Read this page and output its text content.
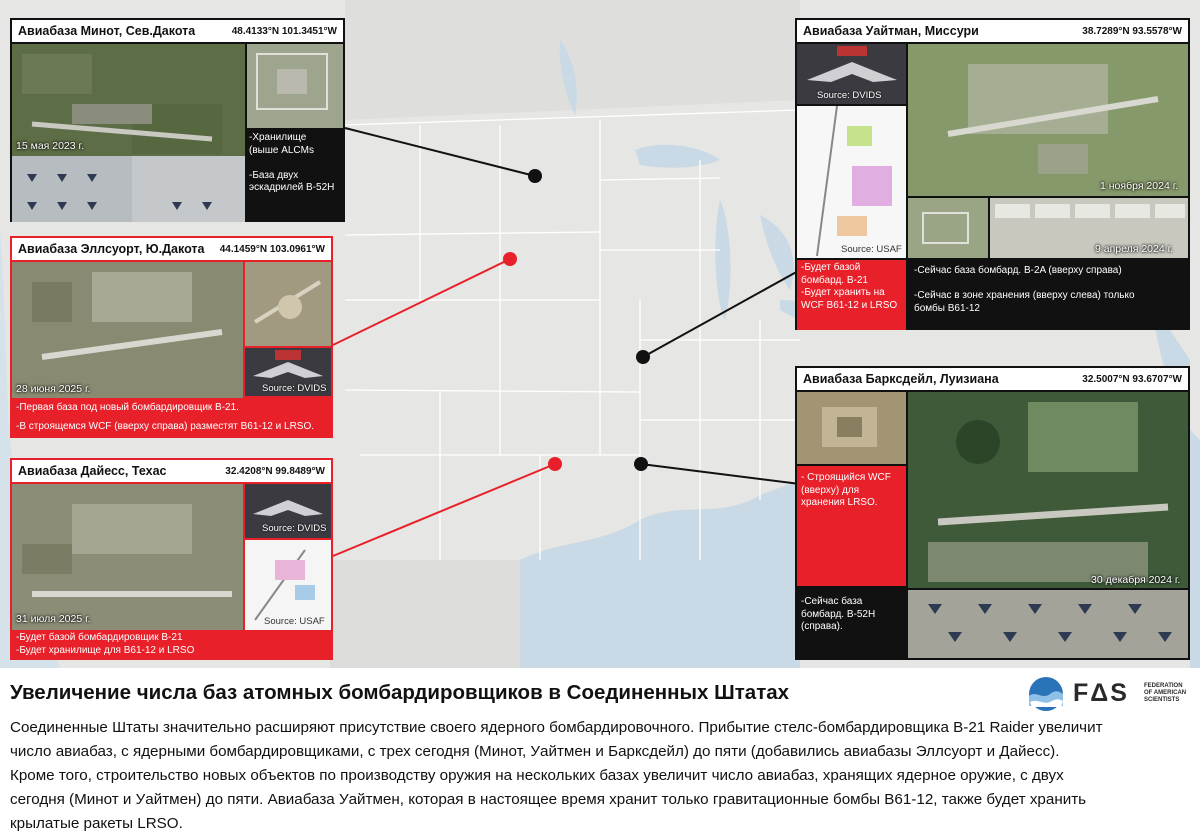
Авиабаза Минот, Сев.Дакота	48.4133°N 101.3451°W
15 мая 2023 г.
-Хранилище
(выше ALCMs

-База двух
эскадрилей B-52H
Авиабаза Эллсуорт, Ю.Дакота 44.1459°N 103.0961°W
28 июня 2025 г.	Source: DVIDS
-Первая база под новый бомбардировщик B-21.
-В строящемся WCF (вверху справа) разместят B61-12 и LRSO.
Авиабаза Дайесс, Техас	32.4208°N 99.8489°W
31 июля 2025 г.
Source: DVIDS
Source: USAF
-Будет базой бомбардировщик B-21
-Будет хранилище для B61-12 и LRSO
Авиабаза Уайтман, Миссури	38.7289°N 93.5578°W
Source: DVIDS
Source: USAF
1 ноября 2024 г.
9 апреля 2024 г.
-Будет базой
бомбард. B-21
-Будет хранить на
WCF B61-12 и LRSO
-Сейчас база бомбард. B-2A (вверху справа)

-Сейчас в зоне хранения (вверху слева) только
бомбы B61-12
Авиабаза Баркcдейл, Луизиана	32.5007°N 93.6707°W
- Строящийся WCF
(вверху) для
хранения LRSO.
30 декабря 2024 г.
-Сейчас база
бомбард. B-52H
(справа).
Увеличение числа баз атомных бомбардировщиков в Соединенных Штатах	FΔS	FEDERATION
OF AMERICAN
SCIENTISTS
Соединенные Штаты значительно расширяют присутствие своего ядерного бомбардировочного. Прибытие стелс-бомбардировщика B-21 Raider увеличит
число авиабаз, с ядерными бомбардировщиками, с трех сегодня (Минот, Уайтмен и Баркcдейл) до пяти (добавились авиабазы Эллсуорт и Дайесс).
Кроме того, строительство новых объектов по производству оружия на нескольких базах увеличит число авиабаз, хранящих ядерное оружие, с двух
сегодня (Минот и Уайтмен) до пяти. Авиабаза Уайтмен, которая в настоящее время хранит только гравитационные бомбы B61-12, также будет хранить
крылатые ракеты LRSO.
